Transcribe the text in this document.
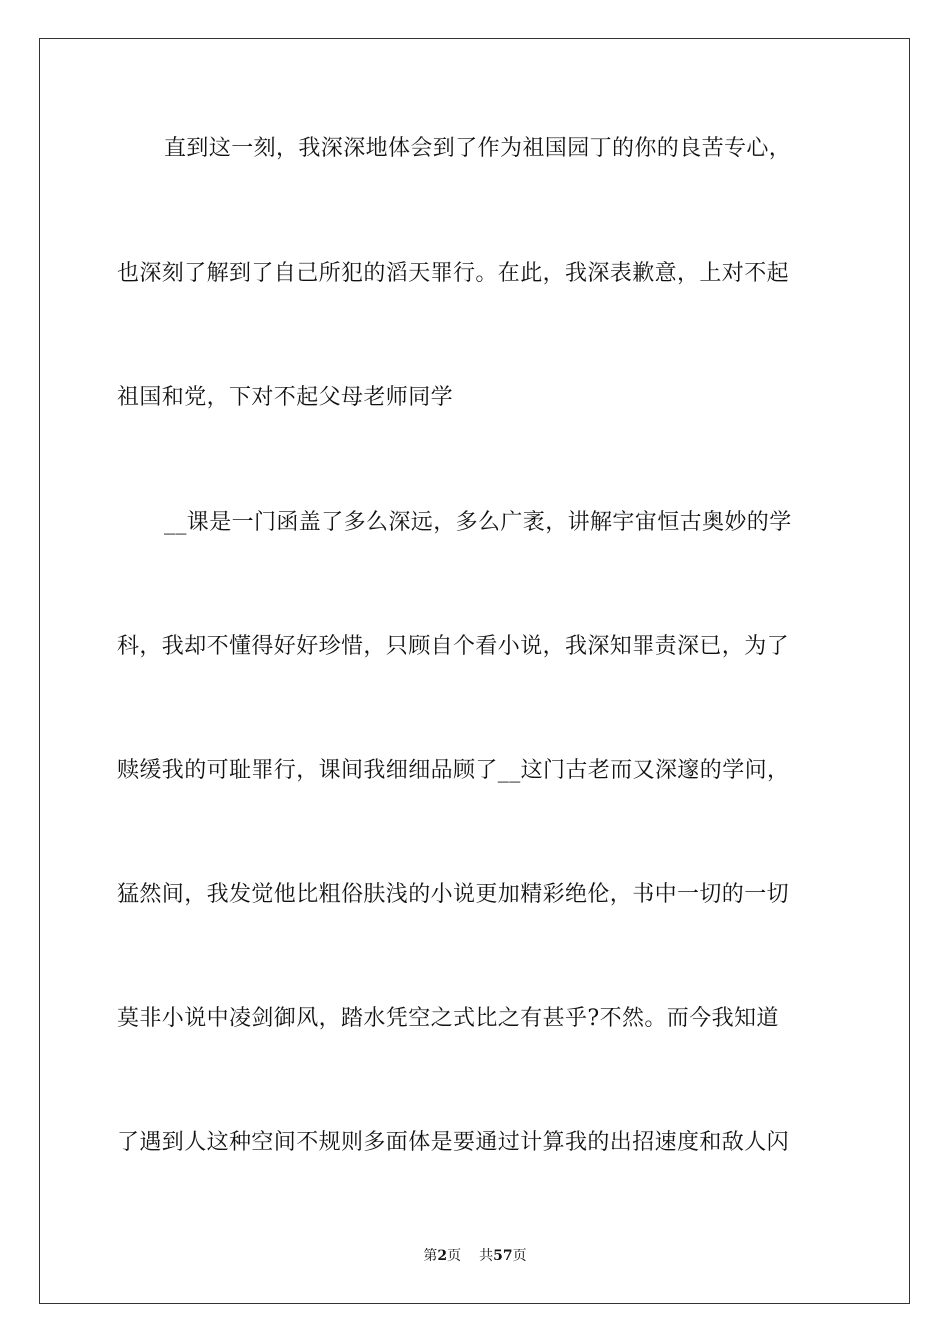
直到这一刻，我深深地体会到了作为祖国园丁的你的良苦专心，
也深刻了解到了自己所犯的滔天罪行。在此，我深表歉意，上对不起
祖国和党，下对不起父母老师同学
__课是一门函盖了多么深远，多么广袤，讲解宇宙恒古奥妙的学
科，我却不懂得好好珍惜，只顾自个看小说，我深知罪责深已，为了
赎缓我的可耻罪行，课间我细细品顾了__这门古老而又深邃的学问，
猛然间，我发觉他比粗俗肤浅的小说更加精彩绝伦，书中一切的一切
莫非小说中凌剑御风，踏水凭空之式比之有甚乎?不然。而今我知道
了遇到人这种空间不规则多面体是要通过计算我的出招速度和敌人闪
第2页 共57页
